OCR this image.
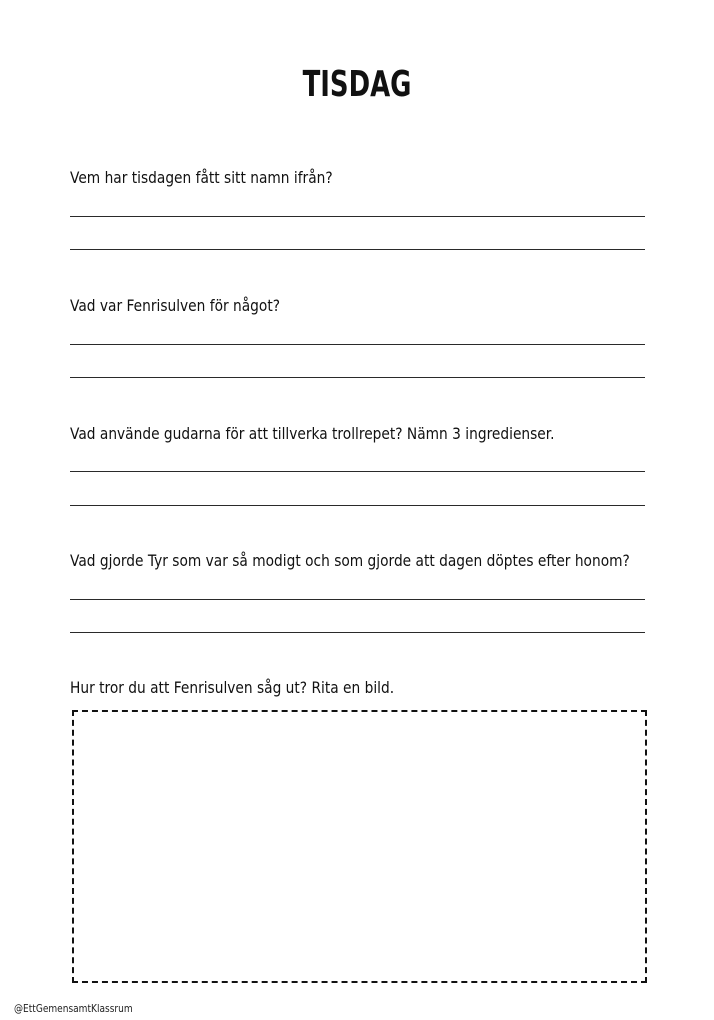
TISDAG
Vem har tisdagen fått sitt namn ifrån?
Vad var Fenrisulven för något?
Vad använde gudarna för att tillverka trollrepet? Nämn 3 ingredienser.
Vad gjorde Tyr som var så modigt och som gjorde att dagen döptes efter honom?
Hur tror du att Fenrisulven såg ut? Rita en bild.
@EttGemensamtKlassrum
